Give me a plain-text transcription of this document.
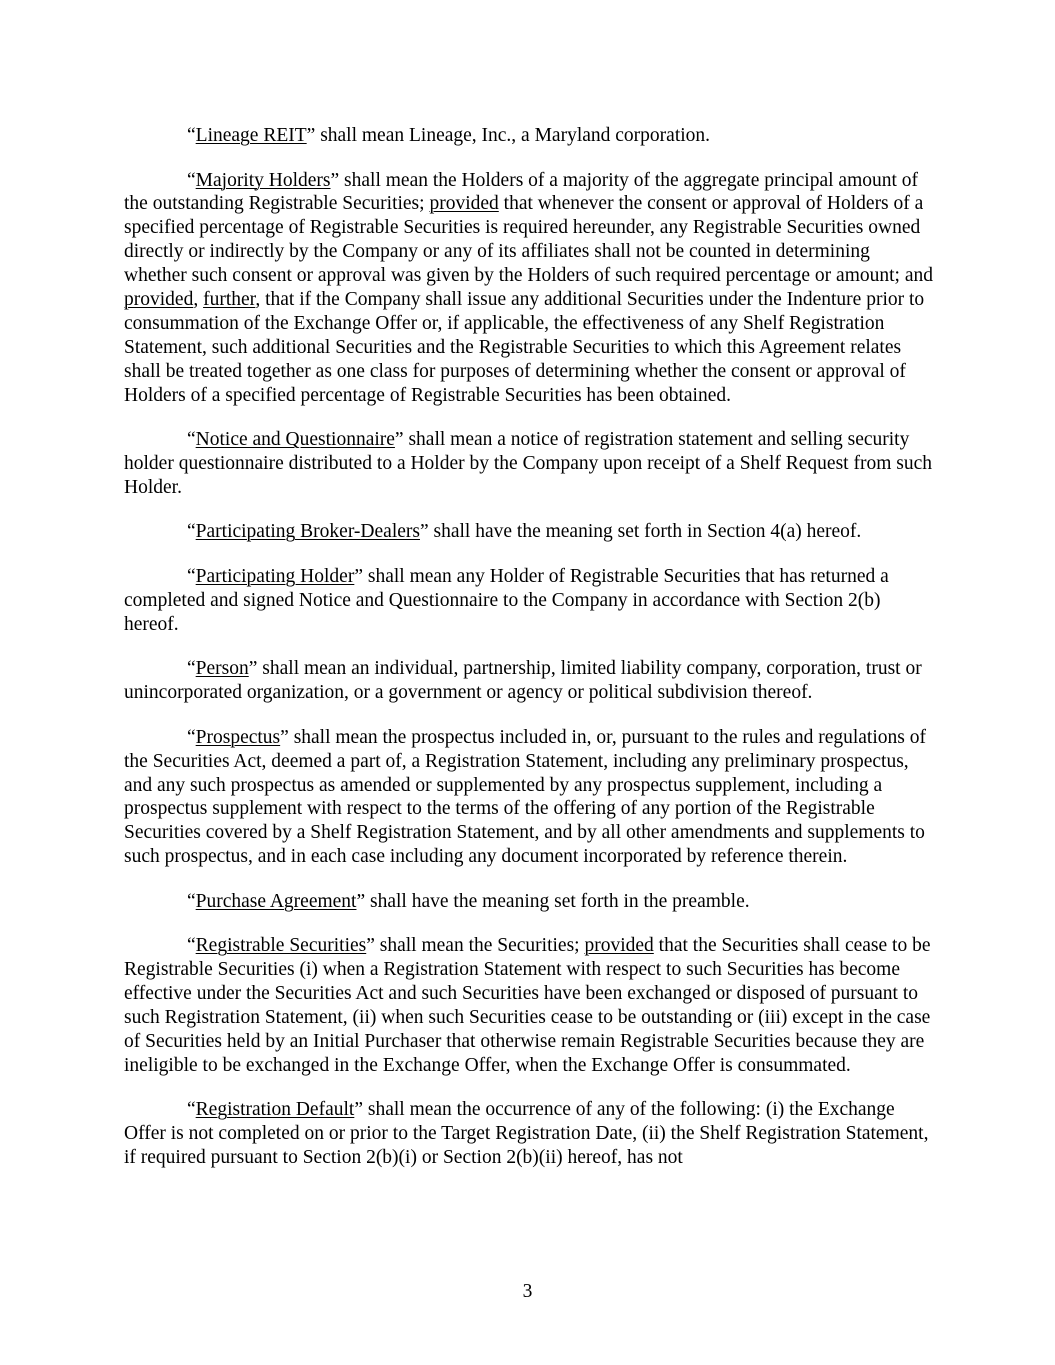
“Lineage REIT” shall mean Lineage, Inc., a Maryland corporation.

“Majority Holders” shall mean the Holders of a majority of the aggregate principal amount of the outstanding Registrable Securities; provided that whenever the consent or approval of Holders of a specified percentage of Registrable Securities is required hereunder, any Registrable Securities owned directly or indirectly by the Company or any of its affiliates shall not be counted in determining whether such consent or approval was given by the Holders of such required percentage or amount; and provided, further, that if the Company shall issue any additional Securities under the Indenture prior to consummation of the Exchange Offer or, if applicable, the effectiveness of any Shelf Registration Statement, such additional Securities and the Registrable Securities to which this Agreement relates shall be treated together as one class for purposes of determining whether the consent or approval of Holders of a specified percentage of Registrable Securities has been obtained.

“Notice and Questionnaire” shall mean a notice of registration statement and selling security holder questionnaire distributed to a Holder by the Company upon receipt of a Shelf Request from such Holder.

“Participating Broker-Dealers” shall have the meaning set forth in Section 4(a) hereof.

“Participating Holder” shall mean any Holder of Registrable Securities that has returned a completed and signed Notice and Questionnaire to the Company in accordance with Section 2(b) hereof.

“Person” shall mean an individual, partnership, limited liability company, corporation, trust or unincorporated organization, or a government or agency or political subdivision thereof.

“Prospectus” shall mean the prospectus included in, or, pursuant to the rules and regulations of the Securities Act, deemed a part of, a Registration Statement, including any preliminary prospectus, and any such prospectus as amended or supplemented by any prospectus supplement, including a prospectus supplement with respect to the terms of the offering of any portion of the Registrable Securities covered by a Shelf Registration Statement, and by all other amendments and supplements to such prospectus, and in each case including any document incorporated by reference therein.

“Purchase Agreement” shall have the meaning set forth in the preamble.

“Registrable Securities” shall mean the Securities; provided that the Securities shall cease to be Registrable Securities (i) when a Registration Statement with respect to such Securities has become effective under the Securities Act and such Securities have been exchanged or disposed of pursuant to such Registration Statement, (ii) when such Securities cease to be outstanding or (iii) except in the case of Securities held by an Initial Purchaser that otherwise remain Registrable Securities because they are ineligible to be exchanged in the Exchange Offer, when the Exchange Offer is consummated.

“Registration Default” shall mean the occurrence of any of the following: (i) the Exchange Offer is not completed on or prior to the Target Registration Date, (ii) the Shelf Registration Statement, if required pursuant to Section 2(b)(i) or Section 2(b)(ii) hereof, has not

3
